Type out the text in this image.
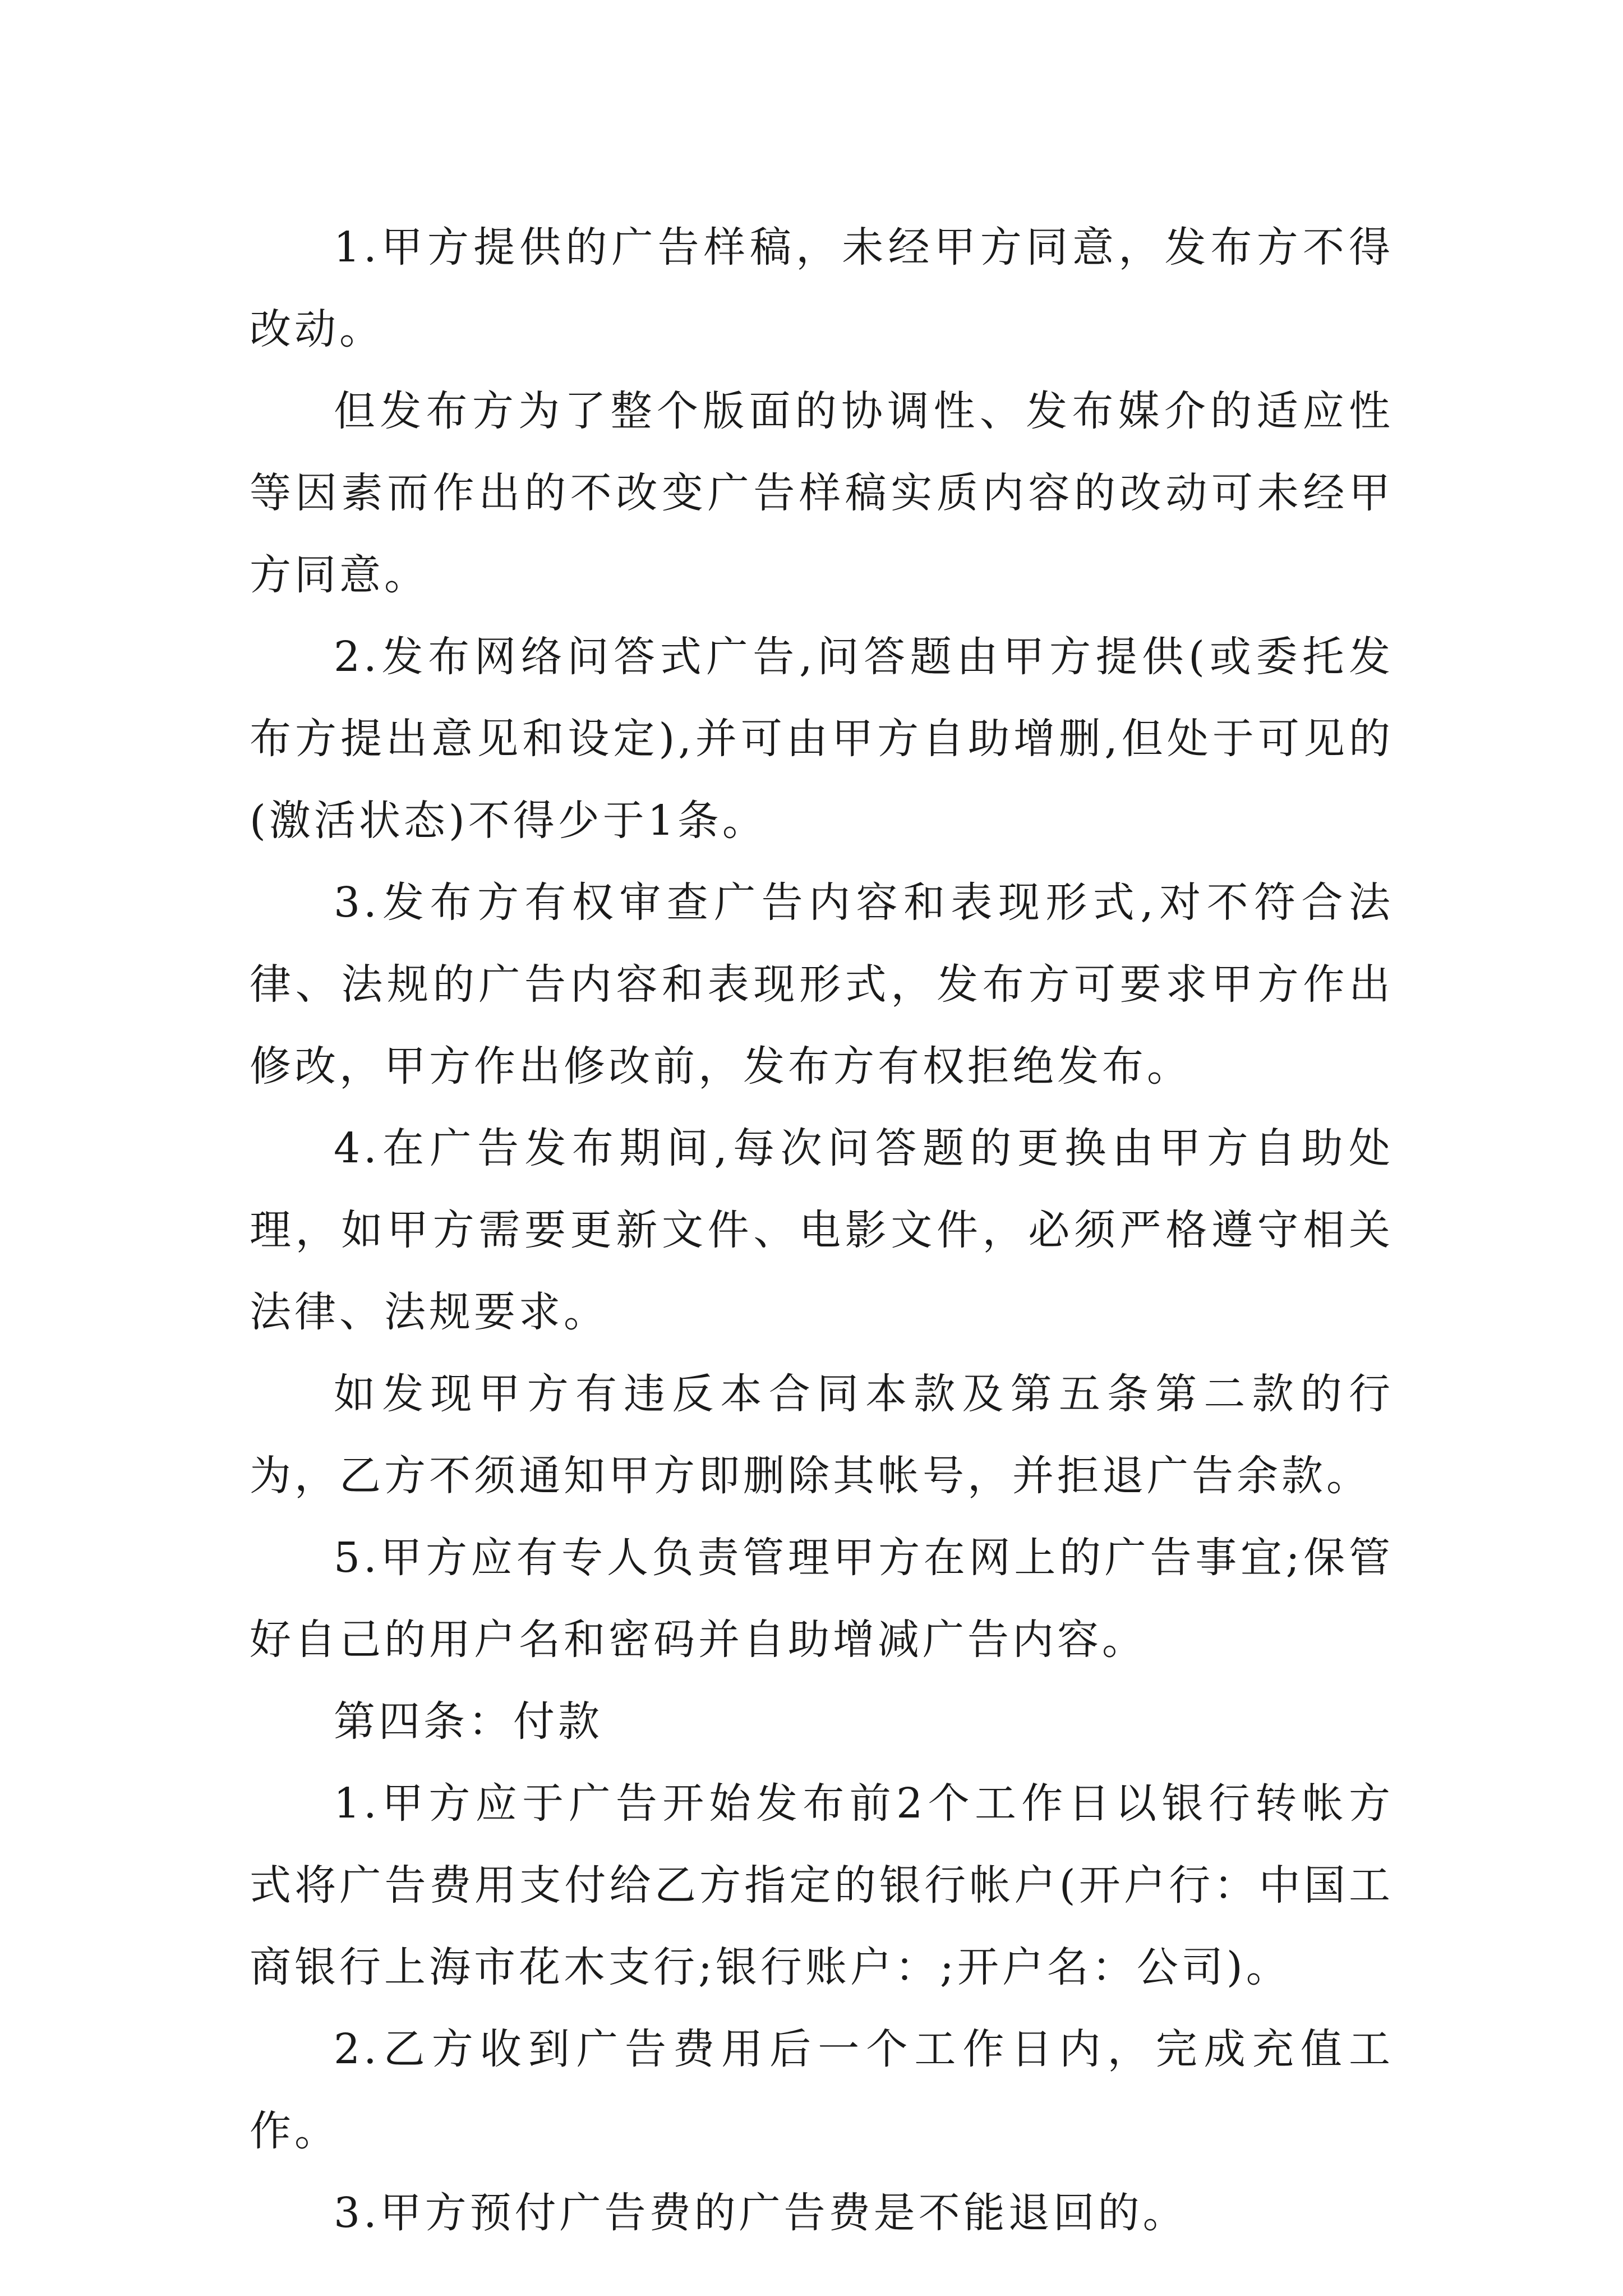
1.甲方提供的广告样稿，未经甲方同意，发布方不得改动。

但发布方为了整个版面的协调性、发布媒介的适应性等因素而作出的不改变广告样稿实质内容的改动可未经甲方同意。

2.发布网络问答式广告,问答题由甲方提供(或委托发布方提出意见和设定),并可由甲方自助增删,但处于可见的(激活状态)不得少于1条。

3.发布方有权审查广告内容和表现形式,对不符合法律、法规的广告内容和表现形式，发布方可要求甲方作出修改，甲方作出修改前，发布方有权拒绝发布。

4.在广告发布期间,每次问答题的更换由甲方自助处理，如甲方需要更新文件、电影文件，必须严格遵守相关法律、法规要求。

如发现甲方有违反本合同本款及第五条第二款的行为，乙方不须通知甲方即删除其帐号，并拒退广告余款。

5.甲方应有专人负责管理甲方在网上的广告事宜;保管好自己的用户名和密码并自助增减广告内容。

第四条：付款

1.甲方应于广告开始发布前2个工作日以银行转帐方式将广告费用支付给乙方指定的银行帐户(开户行：中国工商银行上海市花木支行;银行账户：;开户名：公司)。

2.乙方收到广告费用后一个工作日内，完成充值工作。

3.甲方预付广告费的广告费是不能退回的。
